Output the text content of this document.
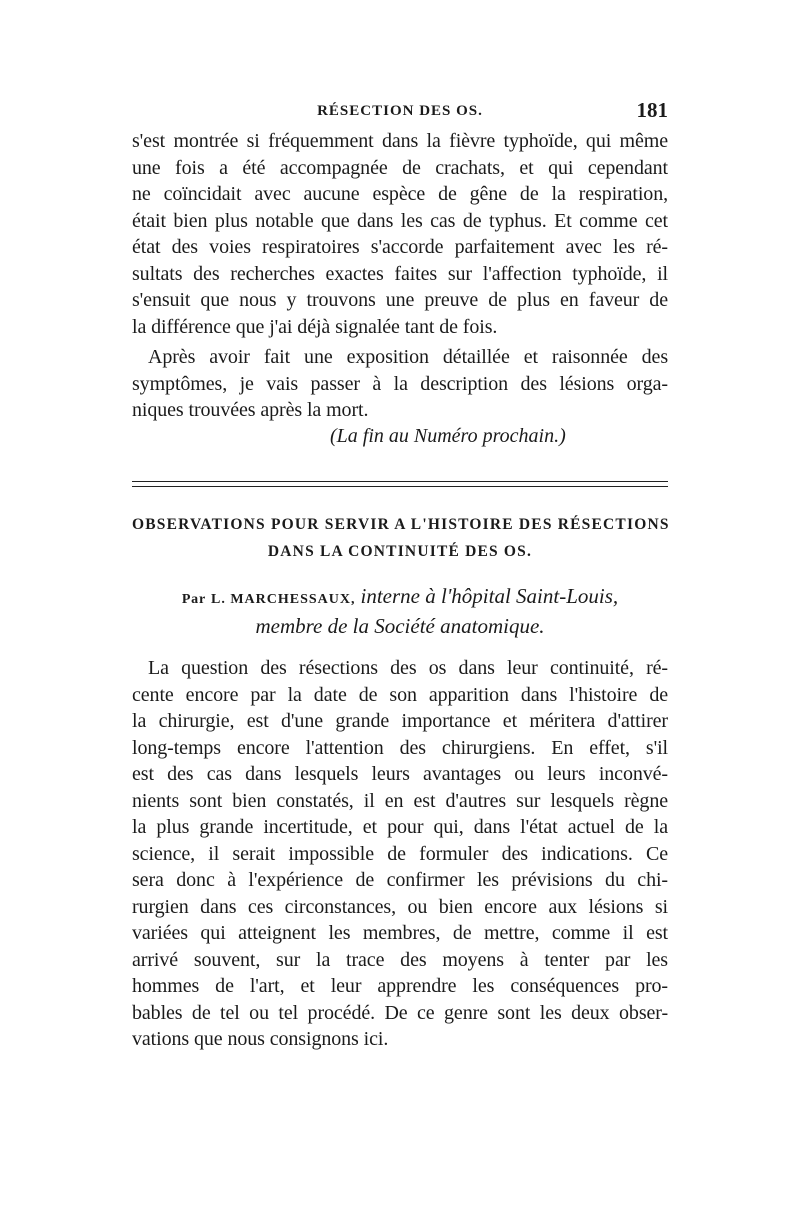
RÉSECTION DES OS.	181

s'est montrée si fréquemment dans la fièvre typhoïde, qui même
une fois a été accompagnée de crachats, et qui cependant
ne coïncidait avec aucune espèce de gêne de la respiration,
était bien plus notable que dans les cas de typhus. Et comme cet
état des voies respiratoires s'accorde parfaitement avec les ré-
sultats des recherches exactes faites sur l'affection typhoïde, il
s'ensuit que nous y trouvons une preuve de plus en faveur de
la différence que j'ai déjà signalée tant de fois.

Après avoir fait une exposition détaillée et raisonnée des
symptômes, je vais passer à la description des lésions orga-
niques trouvées après la mort.

(La fin au Numéro prochain.)

OBSERVATIONS POUR SERVIR A L'HISTOIRE DES RÉSECTIONS

DANS LA CONTINUITÉ DES OS.

Par L. MARCHESSAUX, interne à l'hôpital Saint-Louis,
membre de la Société anatomique.

La question des résections des os dans leur continuité, ré-
cente encore par la date de son apparition dans l'histoire de
la chirurgie, est d'une grande importance et méritera d'attirer
long-temps encore l'attention des chirurgiens. En effet, s'il
est des cas dans lesquels leurs avantages ou leurs inconvé-
nients sont bien constatés, il en est d'autres sur lesquels règne
la plus grande incertitude, et pour qui, dans l'état actuel de la
science, il serait impossible de formuler des indications. Ce
sera donc à l'expérience de confirmer les prévisions du chi-
rurgien dans ces circonstances, ou bien encore aux lésions si
variées qui atteignent les membres, de mettre, comme il est
arrivé souvent, sur la trace des moyens à tenter par les
hommes de l'art, et leur apprendre les conséquences pro-
bables de tel ou tel procédé. De ce genre sont les deux obser-
vations que nous consignons ici.
